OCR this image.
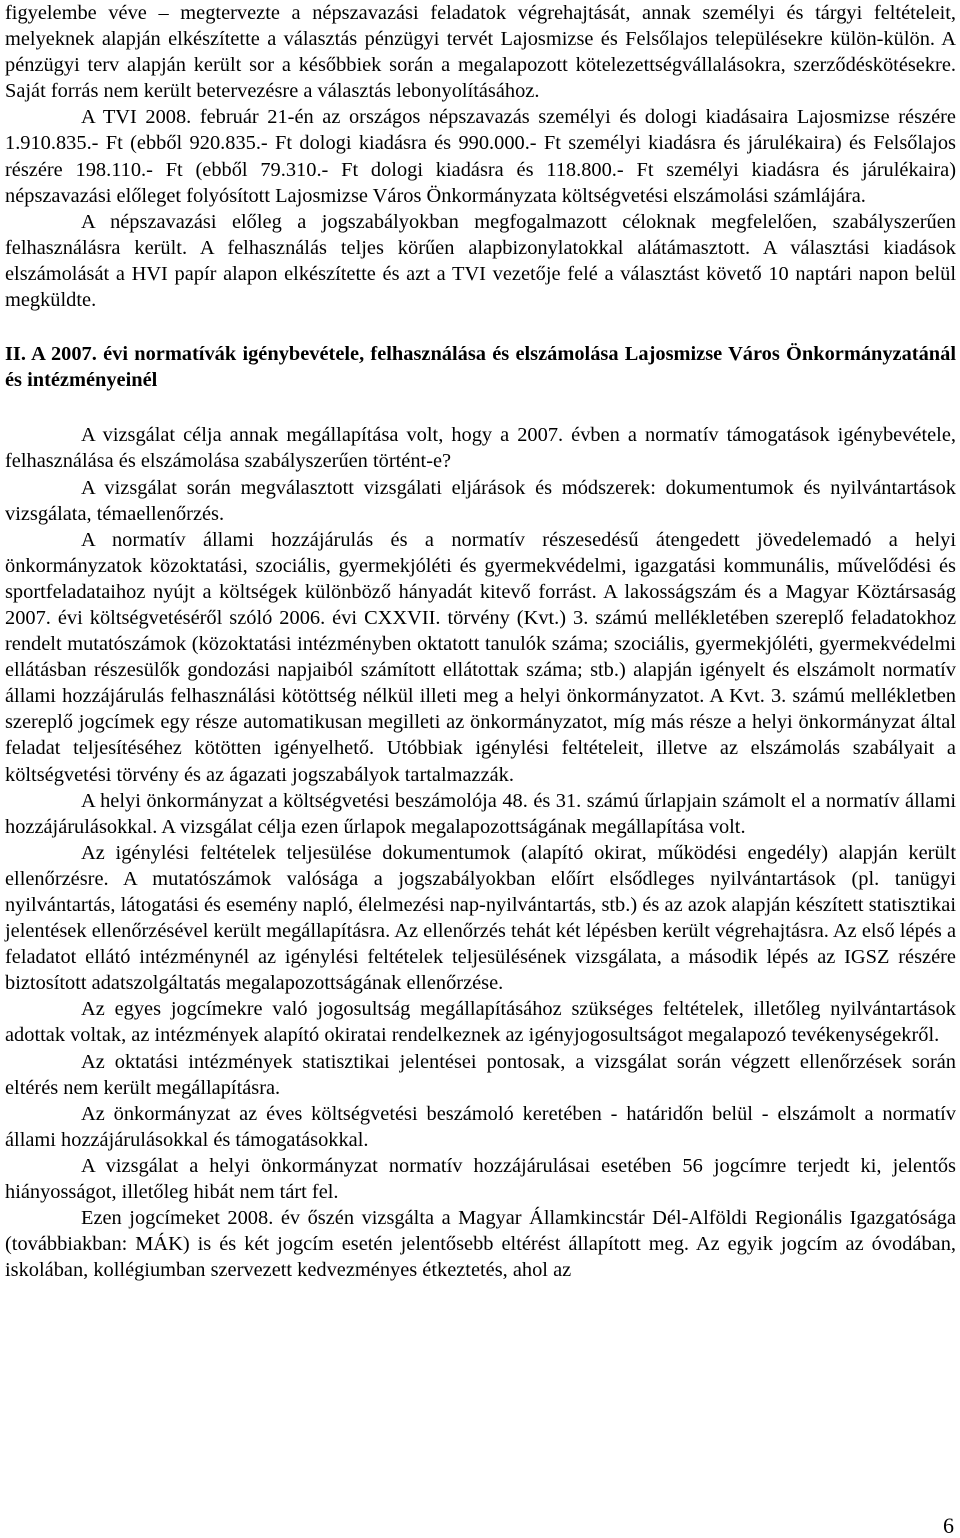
figyelembe véve – megtervezte a népszavazási feladatok végrehajtását, annak személyi és tárgyi feltételeit, melyeknek alapján elkészítette a választás pénzügyi tervét Lajosmizse és Felsőlajos településekre külön-külön. A pénzügyi terv alapján került sor a későbbiek során a megalapozott kötelezettségvállalásokra, szerződéskötésekre. Saját forrás nem került betervezésre a választás lebonyolításához.

A TVI 2008. február 21-én az országos népszavazás személyi és dologi kiadásaira Lajosmizse részére 1.910.835.- Ft (ebből 920.835.- Ft dologi kiadásra és 990.000.- Ft személyi kiadásra és járulékaira) és Felsőlajos részére 198.110.- Ft (ebből 79.310.- Ft dologi kiadásra és 118.800.- Ft személyi kiadásra és járulékaira) népszavazási előleget folyósított Lajosmizse Város Önkormányzata költségvetési elszámolási számlájára.

A népszavazási előleg a jogszabályokban megfogalmazott céloknak megfelelően, szabályszerűen felhasználásra került. A felhasználás teljes körűen alapbizonylatokkal alátámasztott. A választási kiadások elszámolását a HVI papír alapon elkészítette és azt a TVI vezetője felé a választást követő 10 naptári napon belül megküldte.

II. A 2007. évi normatívák igénybevétele, felhasználása és elszámolása Lajosmizse Város Önkormányzatánál és intézményeinél

A vizsgálat célja annak megállapítása volt, hogy a 2007. évben a normatív támogatások igénybevétele, felhasználása és elszámolása szabályszerűen történt-e?

A vizsgálat során megválasztott vizsgálati eljárások és módszerek: dokumentumok és nyilvántartások vizsgálata, témaellenőrzés.

A normatív állami hozzájárulás és a normatív részesedésű átengedett jövedelemadó a helyi önkormányzatok közoktatási, szociális, gyermekjóléti és gyermekvédelmi, igazgatási kommunális, művelődési és sportfeladataihoz nyújt a költségek különböző hányadát kitevő forrást. A lakosságszám és a Magyar Köztársaság 2007. évi költségvetéséről szóló 2006. évi CXXVII. törvény (Kvt.) 3. számú mellékletében szereplő feladatokhoz rendelt mutatószámok (közoktatási intézményben oktatott tanulók száma; szociális, gyermekjóléti, gyermekvédelmi ellátásban részesülők gondozási napjaiból számított ellátottak száma; stb.) alapján igényelt és elszámolt normatív állami hozzájárulás felhasználási kötöttség nélkül illeti meg a helyi önkormányzatot. A Kvt. 3. számú mellékletben szereplő jogcímek egy része automatikusan megilleti az önkormányzatot, míg más része a helyi önkormányzat által feladat teljesítéséhez kötötten igényelhető. Utóbbiak igénylési feltételeit, illetve az elszámolás szabályait a költségvetési törvény és az ágazati jogszabályok tartalmazzák.

A helyi önkormányzat a költségvetési beszámolója 48. és 31. számú űrlapjain számolt el a normatív állami hozzájárulásokkal. A vizsgálat célja ezen űrlapok megalapozottságának megállapítása volt.

Az igénylési feltételek teljesülése dokumentumok (alapító okirat, működési engedély) alapján került ellenőrzésre. A mutatószámok valósága a jogszabályokban előírt elsődleges nyilvántartások (pl. tanügyi nyilvántartás, látogatási és esemény napló, élelmezési nap-nyilvántartás, stb.) és az azok alapján készített statisztikai jelentések ellenőrzésével került megállapításra. Az ellenőrzés tehát két lépésben került végrehajtásra. Az első lépés a feladatot ellátó intézménynél az igénylési feltételek teljesülésének vizsgálata, a második lépés az IGSZ részére biztosított adatszolgáltatás megalapozottságának ellenőrzése.

Az egyes jogcímekre való jogosultság megállapításához szükséges feltételek, illetőleg nyilvántartások adottak voltak, az intézmények alapító okiratai rendelkeznek az igényjogosultságot megalapozó tevékenységekről.

Az oktatási intézmények statisztikai jelentései pontosak, a vizsgálat során végzett ellenőrzések során eltérés nem került megállapításra.

Az önkormányzat az éves költségvetési beszámoló keretében - határidőn belül - elszámolt a normatív állami hozzájárulásokkal és támogatásokkal.

A vizsgálat a helyi önkormányzat normatív hozzájárulásai esetében 56 jogcímre terjedt ki, jelentős hiányosságot, illetőleg hibát nem tárt fel.

Ezen jogcímeket 2008. év őszén vizsgálta a Magyar Államkincstár Dél-Alföldi Regionális Igazgatósága (továbbiakban: MÁK) is és két jogcím esetén jelentősebb eltérést állapított meg. Az egyik jogcím az óvodában, iskolában, kollégiumban szervezett kedvezményes étkeztetés, ahol az

6
